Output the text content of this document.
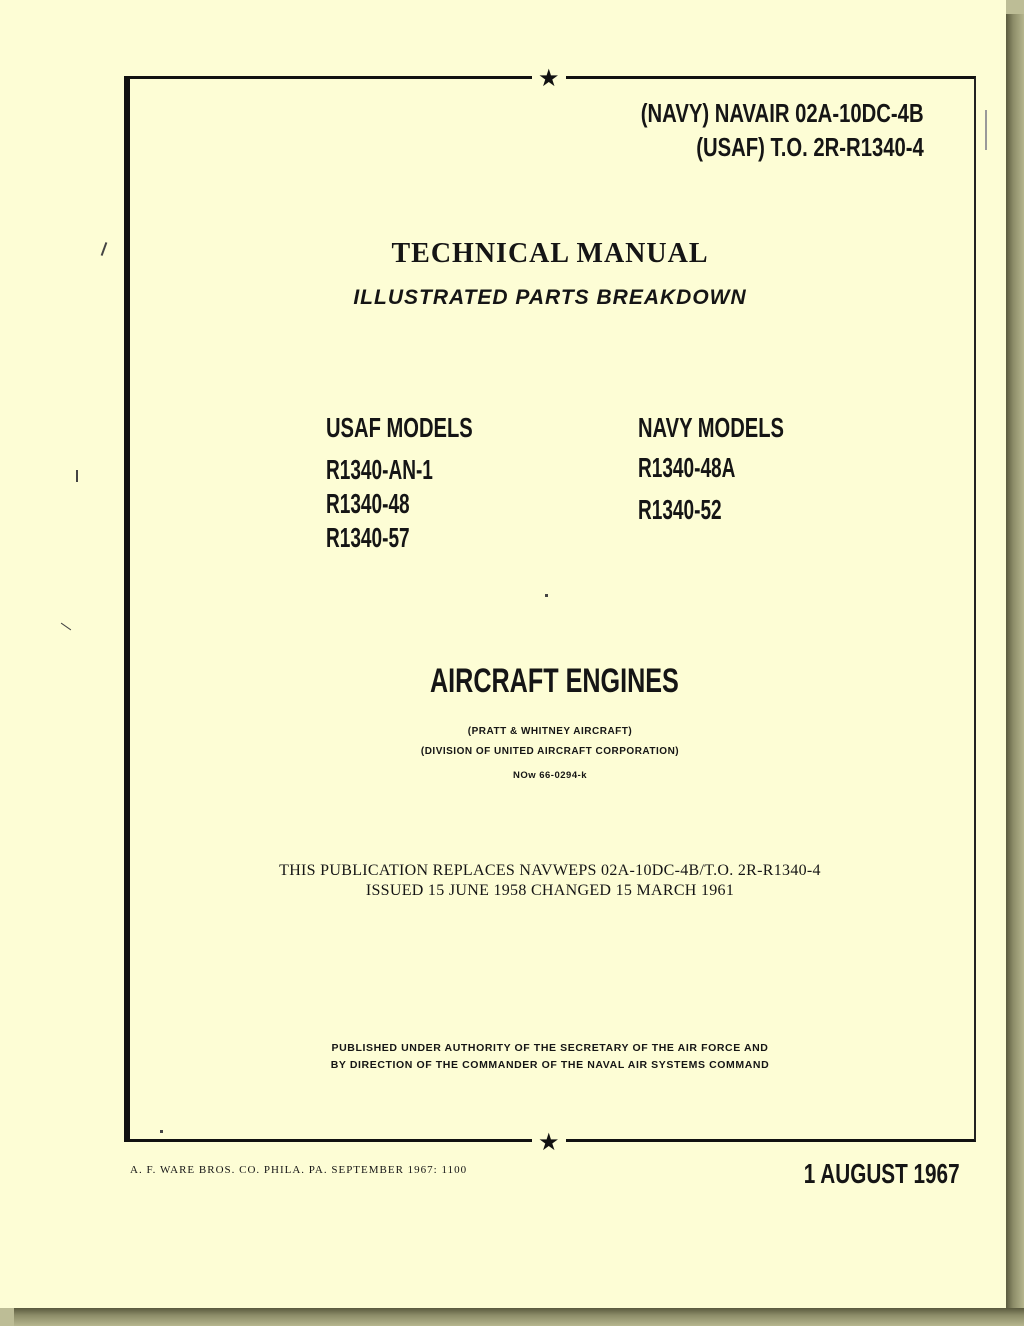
★
★
(NAVY) NAVAIR 02A-10DC-4B
(USAF) T.O. 2R-R1340-4
TECHNICAL MANUAL
ILLUSTRATED PARTS BREAKDOWN
USAF MODELS
R1340-AN-1
R1340-48
R1340-57
NAVY MODELS
R1340-48A
R1340-52
AIRCRAFT ENGINES
(PRATT & WHITNEY AIRCRAFT)
(DIVISION OF UNITED AIRCRAFT CORPORATION)
NOw 66-0294-k
THIS PUBLICATION REPLACES NAVWEPS 02A-10DC-4B/T.O. 2R-R1340-4
ISSUED 15 JUNE 1958 CHANGED 15 MARCH 1961
PUBLISHED UNDER AUTHORITY OF THE SECRETARY OF THE AIR FORCE AND
BY DIRECTION OF THE COMMANDER OF THE NAVAL AIR SYSTEMS COMMAND
A. F. WARE BROS. CO. PHILA. PA. SEPTEMBER 1967: 1100	1 AUGUST 1967
